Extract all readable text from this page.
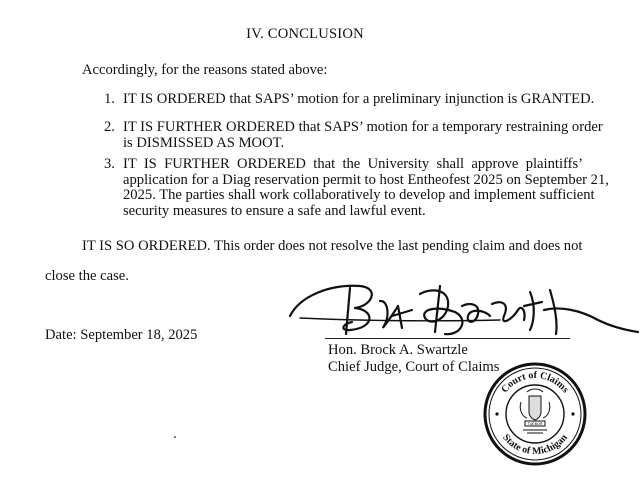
IV. CONCLUSION
Accordingly, for the reasons stated above:
1. IT IS ORDERED that SAPS’ motion for a preliminary injunction is GRANTED.
2. IT IS FURTHER ORDERED that SAPS’ motion for a temporary restraining order
is DISMISSED AS MOOT.
3. IT IS FURTHER ORDERED that the University shall approve plaintiffs’
application for a Diag reservation permit to host Entheofest 2025 on September 21,
2025. The parties shall work collaboratively to develop and implement sufficient
security measures to ensure a safe and lawful event.
IT IS SO ORDERED. This order does not resolve the last pending claim and does not
close the case.
Date: September 18, 2025
Hon. Brock A. Swartzle
Chief Judge, Court of Claims
Court of Claims
State of Michigan
TUEBOR
